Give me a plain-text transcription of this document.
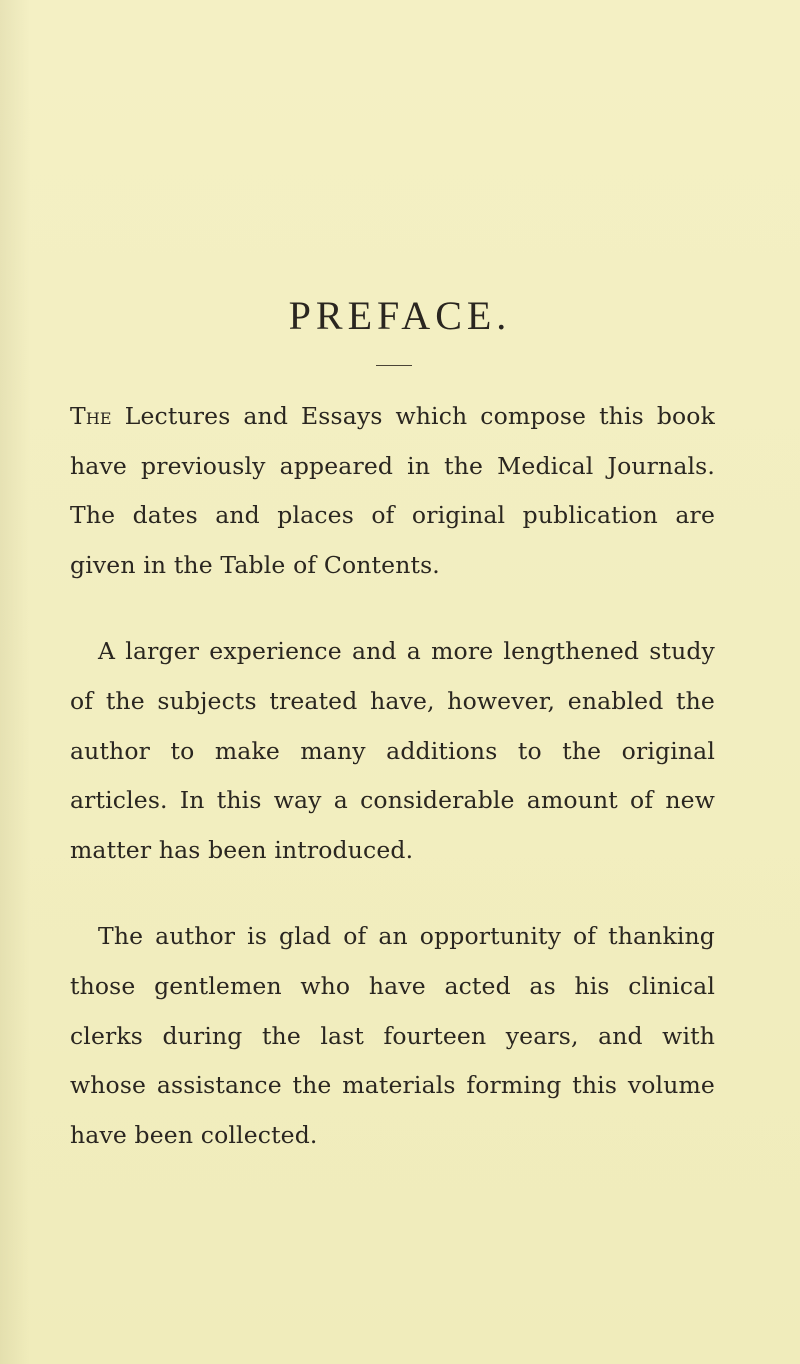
PREFACE.

The Lectures and Essays which compose this book have previously appeared in the Medical Journals. The dates and places of original publication are given in the Table of Contents.

A larger experience and a more lengthened study of the subjects treated have, however, enabled the author to make many additions to the original articles. In this way a considerable amount of new matter has been introduced.

The author is glad of an opportunity of thanking those gentlemen who have acted as his clinical clerks during the last fourteen years, and with whose assistance the materials forming this volume have been collected.
